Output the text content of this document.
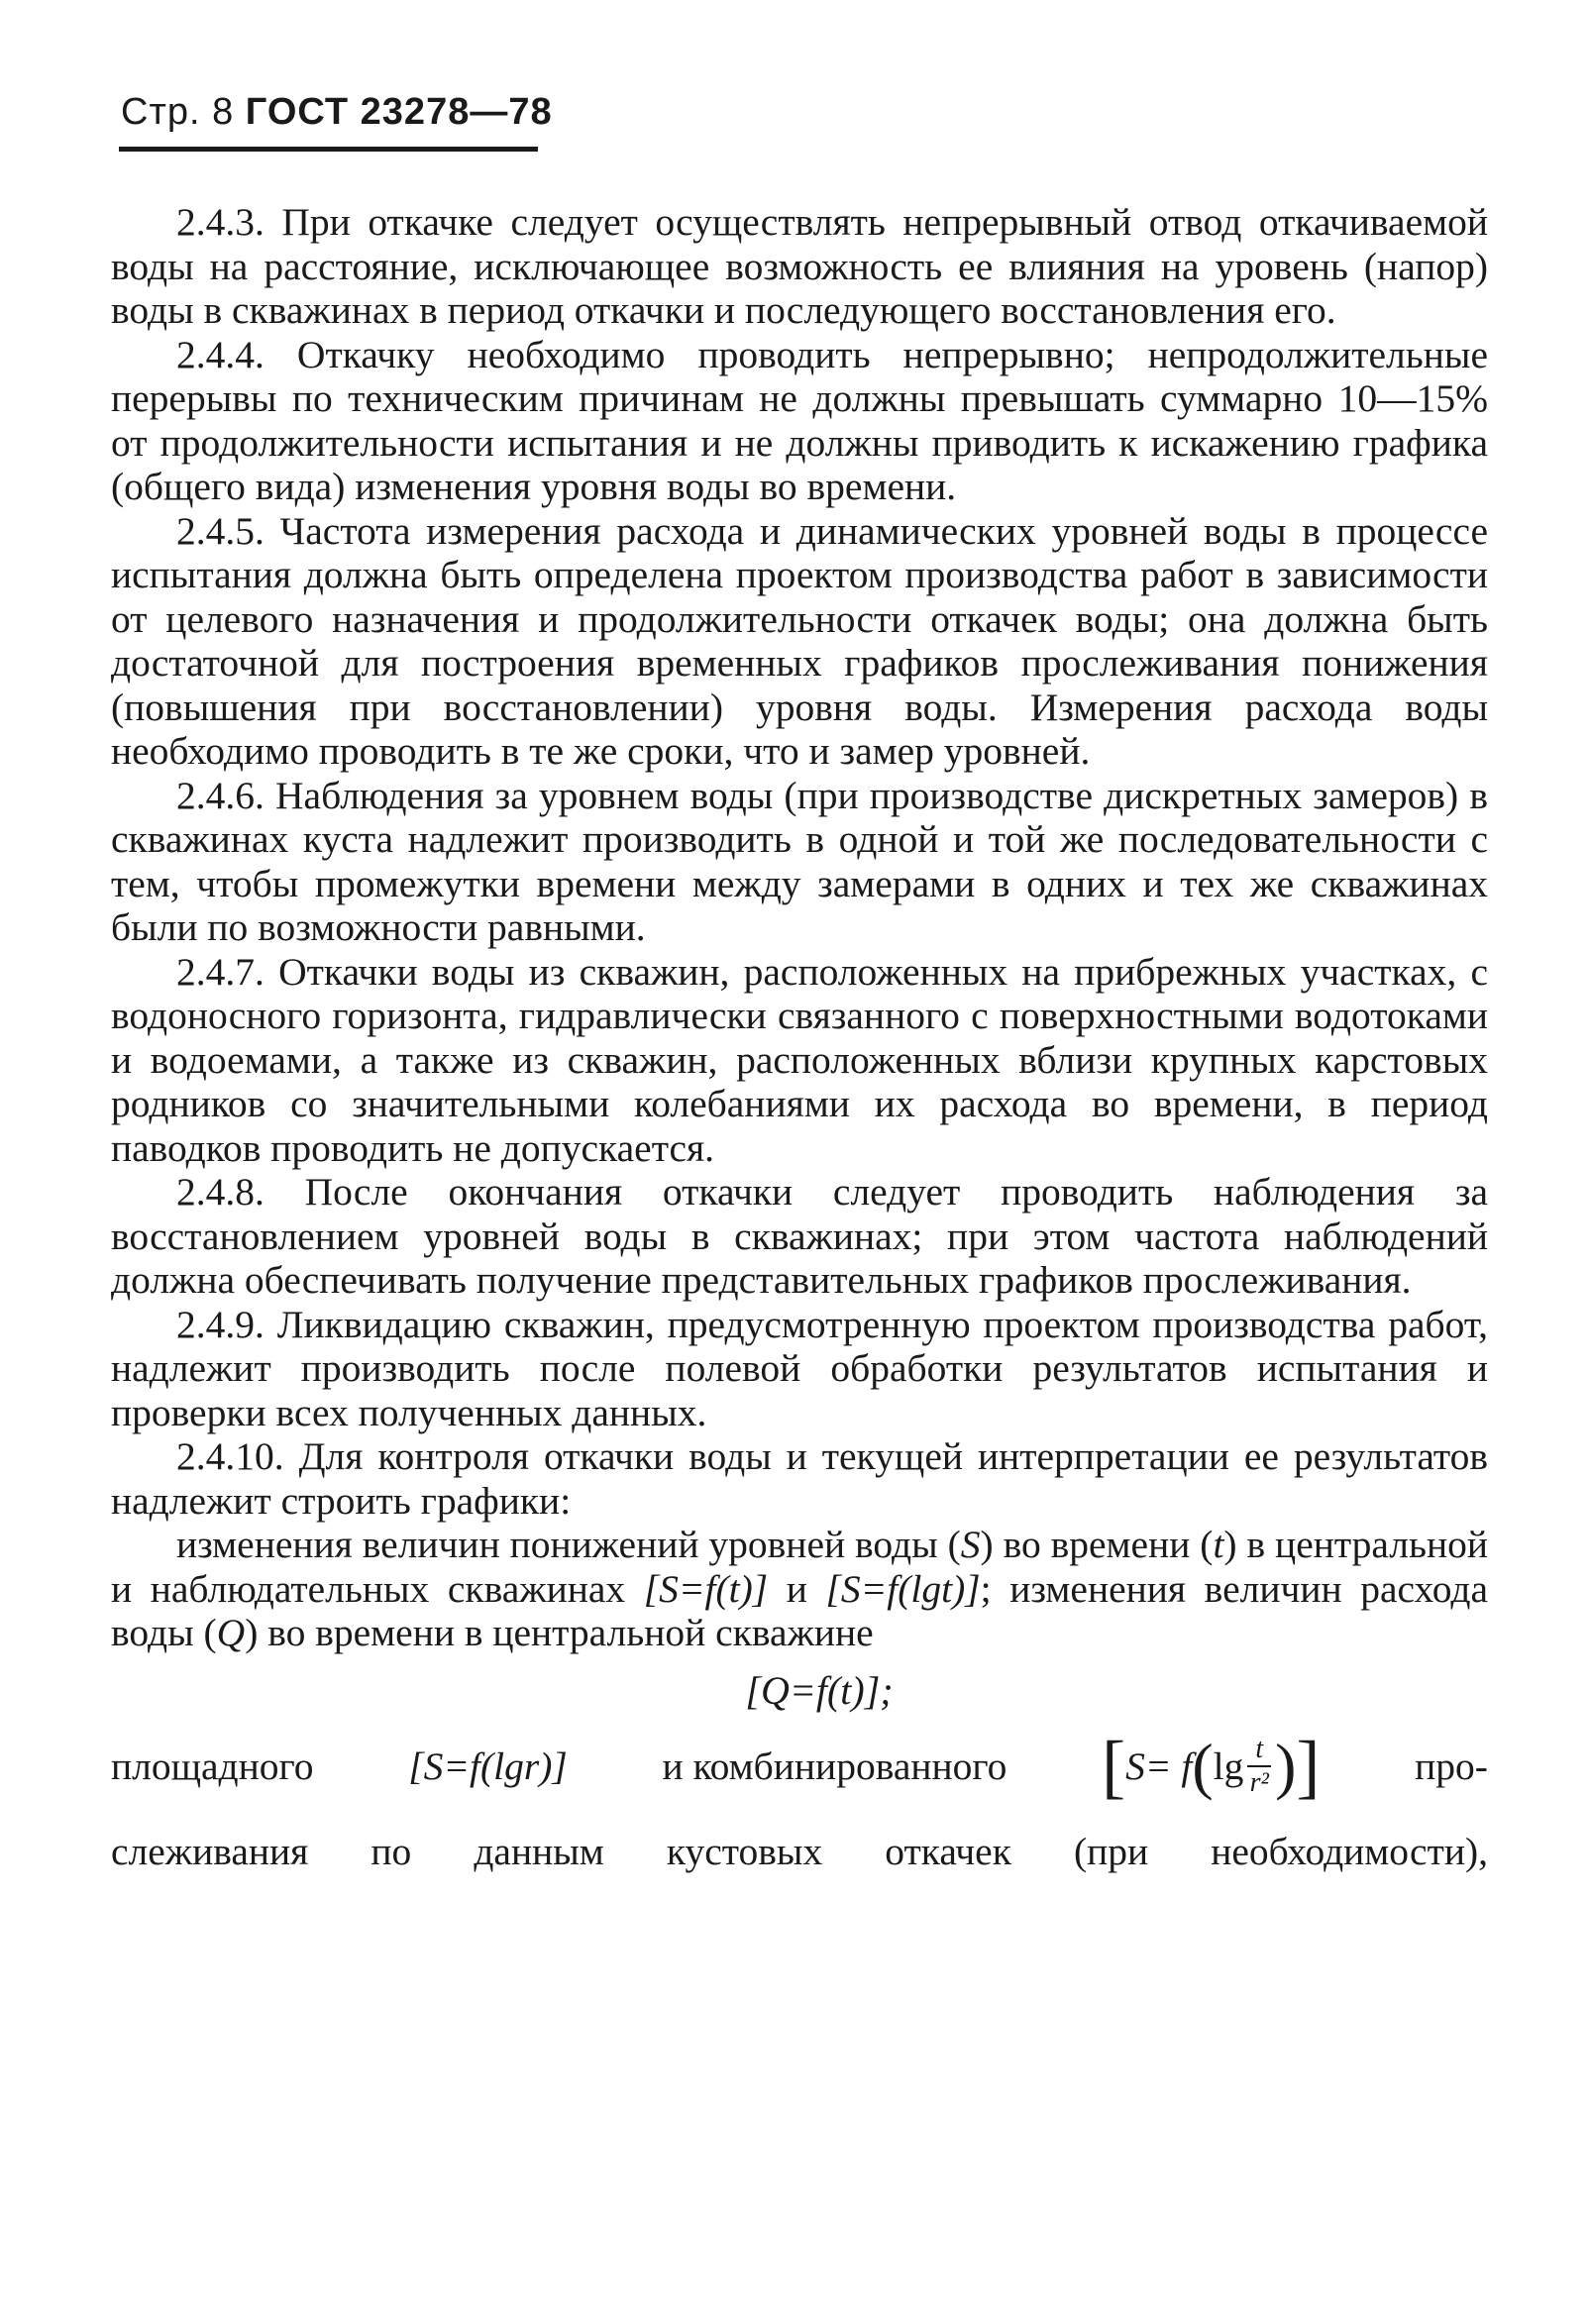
Стр. 8 ГОСТ 23278—78

2.4.3. При откачке следует осуществлять непрерывный отвод откачиваемой воды на расстояние, исключающее возможность ее влияния на уровень (напор) воды в скважинах в период откачки и последующего восстановления его.

2.4.4. Откачку необходимо проводить непрерывно; непродолжительные перерывы по техническим причинам не должны превышать суммарно 10—15% от продолжительности испытания и не должны приводить к искажению графика (общего вида) изменения уровня воды во времени.

2.4.5. Частота измерения расхода и динамических уровней воды в процессе испытания должна быть определена проектом производства работ в зависимости от целевого назначения и продолжительности откачек воды; она должна быть достаточной для построения временных графиков прослеживания понижения (повышения при восстановлении) уровня воды. Измерения расхода воды необходимо проводить в те же сроки, что и замер уровней.

2.4.6. Наблюдения за уровнем воды (при производстве дискретных замеров) в скважинах куста надлежит производить в одной и той же последовательности с тем, чтобы промежутки времени между замерами в одних и тех же скважинах были по возможности равными.

2.4.7. Откачки воды из скважин, расположенных на прибрежных участках, с водоносного горизонта, гидравлически связанного с поверхностными водотоками и водоемами, а также из скважин, расположенных вблизи крупных карстовых родников со значительными колебаниями их расхода во времени, в период паводков проводить не допускается.

2.4.8. После окончания откачки следует проводить наблюдения за восстановлением уровней воды в скважинах; при этом частота наблюдений должна обеспечивать получение представительных графиков прослеживания.

2.4.9. Ликвидацию скважин, предусмотренную проектом производства работ, надлежит производить после полевой обработки результатов испытания и проверки всех полученных данных.

2.4.10. Для контроля откачки воды и текущей интерпретации ее результатов надлежит строить графики:

изменения величин понижений уровней воды (S) во времени (t) в центральной и наблюдательных скважинах [S=f(t)] и [S=f(lgt)]; изменения величин расхода воды (Q) во времени в центральной скважине

[Q=f(t)];

площадного [S=f(lgr)] и комбинированного [ S= f ( $\lg \frac{t}{\text{r²}}$ ) ] про-

слеживания по данным кустовых откачек (при необходимости),
